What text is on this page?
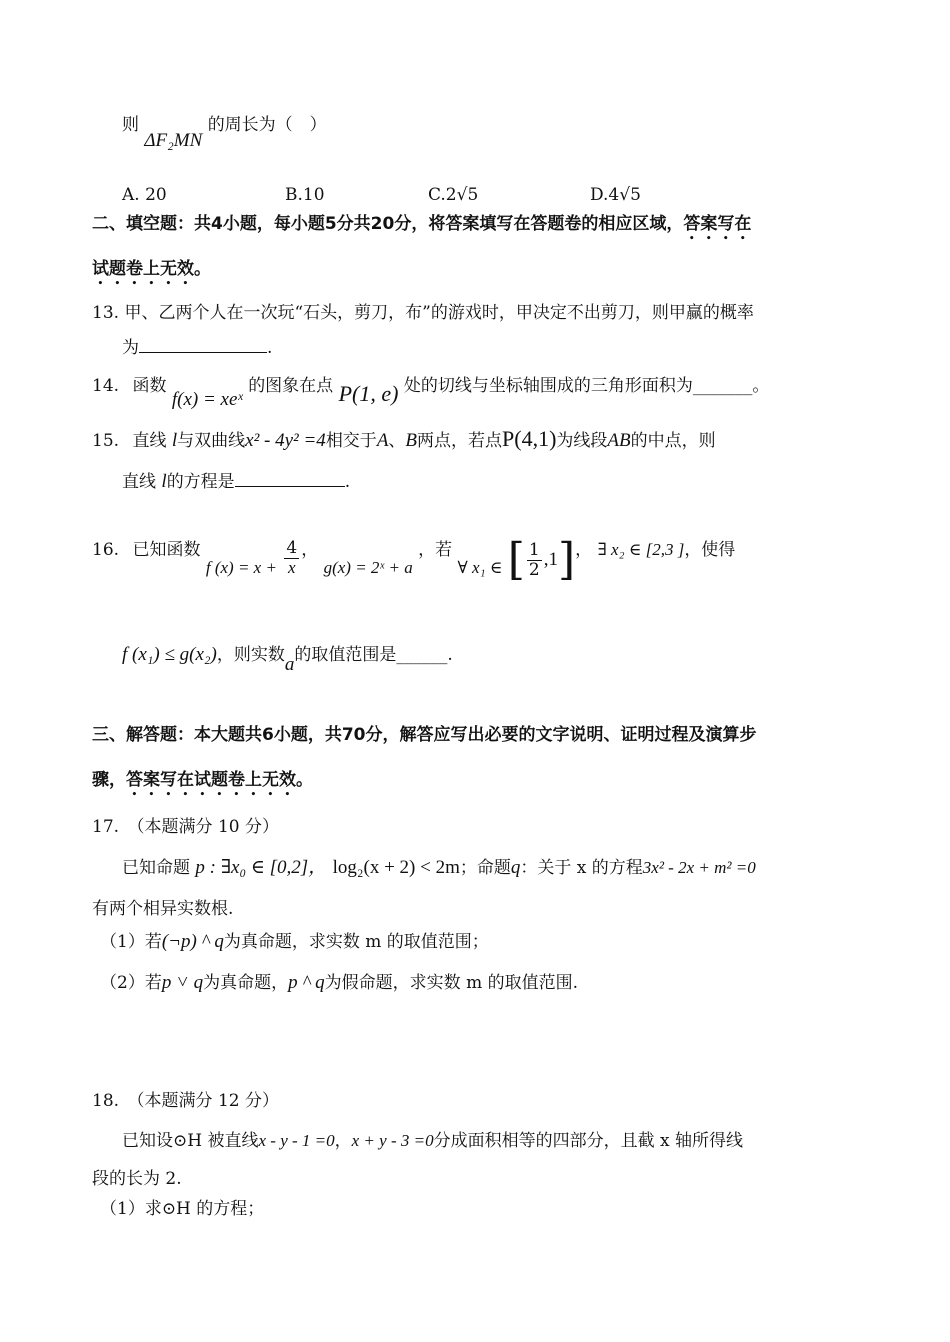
则 ΔF₂MN 的周长为（　）
A. 20	B.10	C.2√5	D.4√5
二、填空题：共4小题，每小题5分共20分，将答案填写在答题卷的相应区域，答案写在
试题卷上无效。
13. 甲、乙两个人在一次玩“石头，剪刀，布”的游戏时，甲决定不出剪刀，则甲赢的概率
为	.
14. 函数 f(x) = xeˣ 的图象在点 P(1, e) 处的切线与坐标轴围成的三角形面积为_______。
15. 直线 l与双曲线x² - 4y² =4相交于A、B两点，若点P(4,1)为线段AB的中点，则
直线 l的方程是	.
16. 已知函数 f $(x) = x + \frac{4}{x}$ ， g(x) = 2ˣ + a ，若 ∀ x₁ ∈ [ $\frac{1}{2} ,1$]， ∃ x₂ ∈ [2,3 ]，使得
f (x₁) ≤ g(x₂)，则实数a的取值范围是______.
三、解答题：本大题共6小题，共70分，解答应写出必要的文字说明、证明过程及演算步
骤，答案写在试题卷上无效。
17.　（本题满分 10 分）
已知命题 p : ∃x₀ ∈ [0,2]， log₂(x + 2) < 2m；命题q：关于 x 的方程3x² - 2x + m² =0
有两个相异实数根.
（1）若(¬p) ^ q为真命题，求实数 m 的取值范围；
（2）若p ˅ q为真命题，p ^ q为假命题，求实数 m 的取值范围.
18.　（本题满分 12 分）
已知设⊙H 被直线x - y - 1 =0，x + y - 3 =0分成面积相等的四部分，且截 x 轴所得线
段的长为 2.
（1）求⊙H 的方程；
